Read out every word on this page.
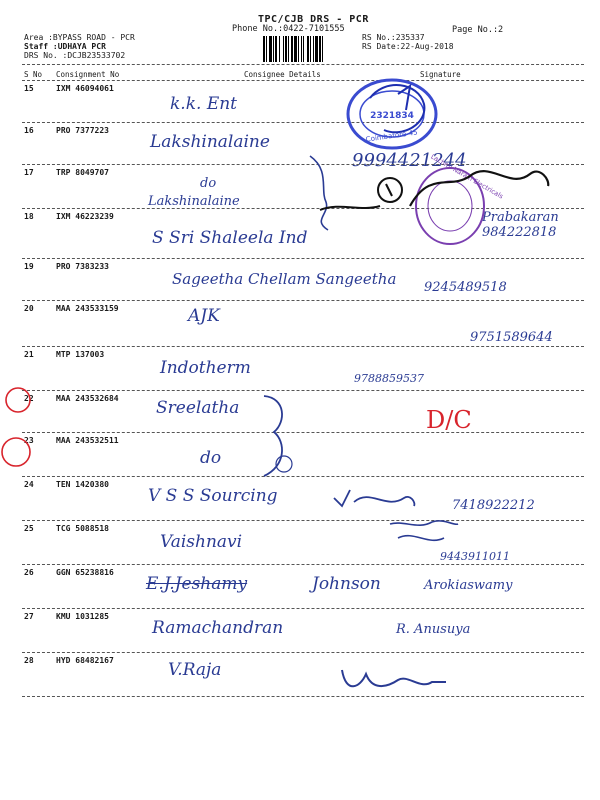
TPC/CJB DRS - PCR
Phone No.:0422-7101555	Page No.:2
Area :BYPASS ROAD - PCR
Staff :UDHAYA PCR
DRS No. :DCJB23533702
RS No.:235337
RS Date:22-Aug-2018
S No Consignment No	Consignee Details	Signature
15	IXM 46094061
k.k. Ent
16	PRO 7377223
Lakshinalaine
9994421244
17	TRP 8049707
do
Lakshinalaine
18	IXM 46223239
S Sri Shaleela Ind
Prabakaran 984222818
19	PRO 7383233
Sageetha Chellam Sangeetha 9245489518
20	MAA 243533159	AJK
9751589644
21	MTP 137003
Indotherm
9788859537
22	MAA 243532684 Sreelatha	D/C
23	MAA 243532511
do
24	TEN 1420380
V S S Sourcing	7418922212
25	TCG 5088518
Vaishnavi
9443911011
26	GGN 65238816
E.J.Jeshamy	Johnson	Arokiaswamy
27	KMU 1031285
Ramachandran	R. Anusuya
28	HYD 68482167	V.Raja
2321834
Coimbatore-45
Lachmi Narain Electricals
